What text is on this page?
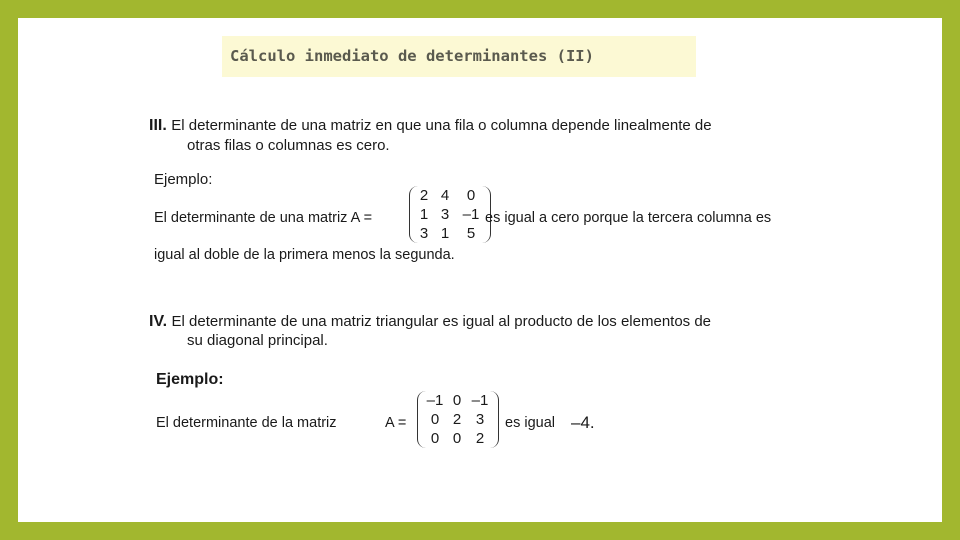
Cálculo inmediato de determinantes (II)
III. El determinante de una matriz en que una fila o columna depende linealmente de
otras filas o columnas es cero.
Ejemplo:
El determinante de una matriz A =
2 4	0
1 3 –1
3 1	5
es igual a cero porque la tercera columna es
igual al doble de la primera menos la segunda.
IV. El determinante de una matriz triangular es igual al producto de los elementos de
su diagonal principal.
Ejemplo:
El determinante de la matriz	A =
–1 0 –1
0 2 3
0 0 2
es igual –4.
